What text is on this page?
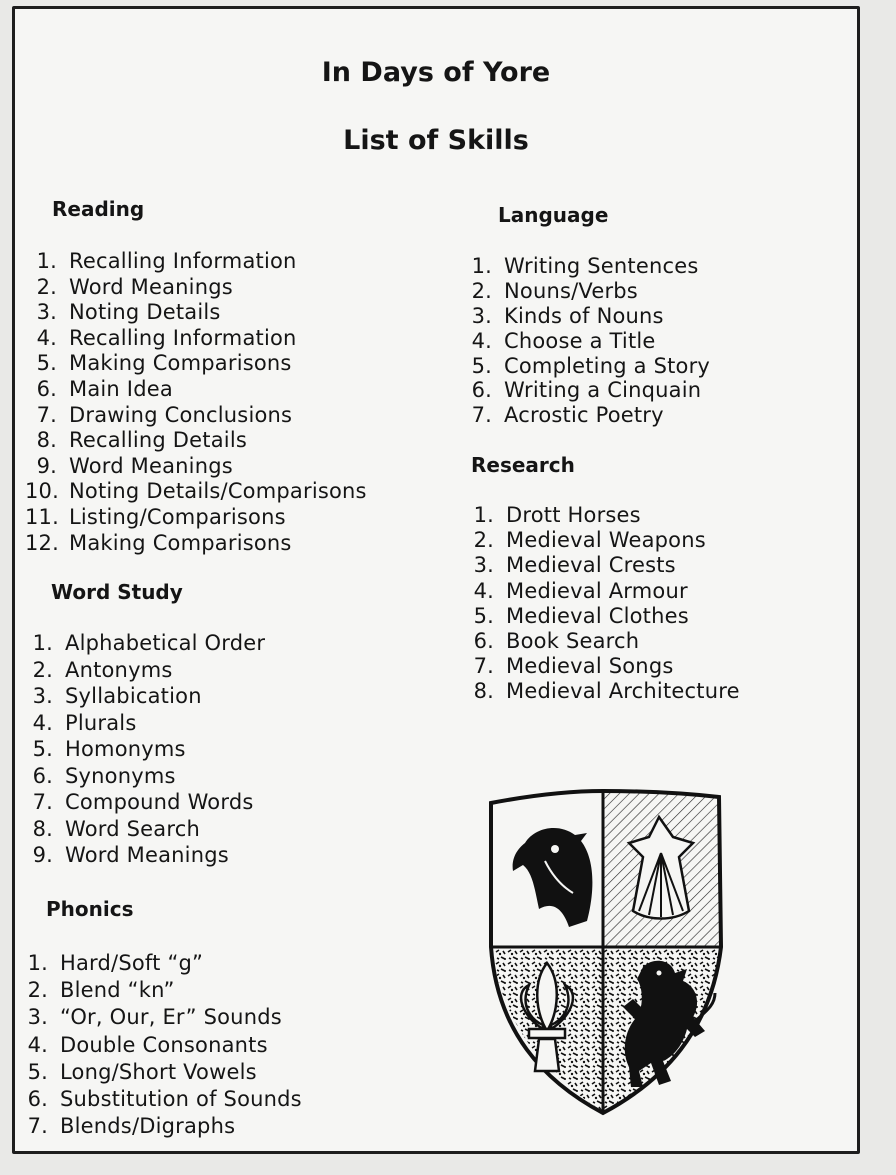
In Days of Yore
List of Skills
Reading
1. Recalling Information
2. Word Meanings
3. Noting Details
4. Recalling Information
5. Making Comparisons
6. Main Idea
7. Drawing Conclusions
8. Recalling Details
9. Word Meanings
10. Noting Details/Comparisons
11. Listing/Comparisons
12. Making Comparisons
Word Study
1. Alphabetical Order
2. Antonyms
3. Syllabication
4. Plurals
5. Homonyms
6. Synonyms
7. Compound Words
8. Word Search
9. Word Meanings
Phonics
1. Hard/Soft “g”
2. Blend “kn”
3. “Or, Our, Er” Sounds
4. Double Consonants
5. Long/Short Vowels
6. Substitution of Sounds
7. Blends/Digraphs
Language
1. Writing Sentences
2. Nouns/Verbs
3. Kinds of Nouns
4. Choose a Title
5. Completing a Story
6. Writing a Cinquain
7. Acrostic Poetry
Research
1. Drott Horses
2. Medieval Weapons
3. Medieval Crests
4. Medieval Armour
5. Medieval Clothes
6. Book Search
7. Medieval Songs
8. Medieval Architecture
